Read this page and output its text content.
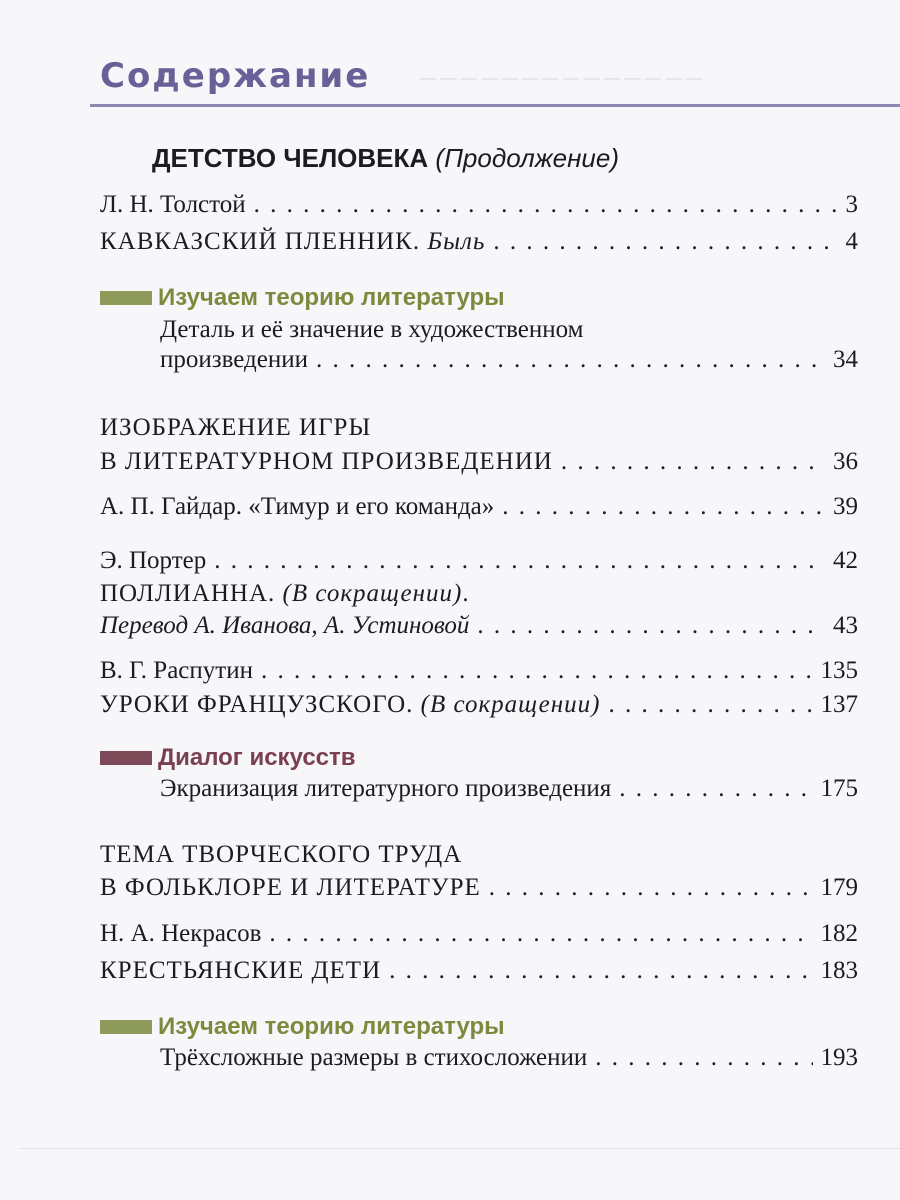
— — — — — — — — — — — — — —
Содержание
ДЕТСТВО ЧЕЛОВЕКА (Продолжение)
Л. Н. Толстой . . .	3
КАВКАЗСКИЙ ПЛЕННИК. Быль . . .	4
Изучаем теорию литературы
Деталь и её значение в художественном
произведении . . .	34
ИЗОБРАЖЕНИЕ ИГРЫ
В ЛИТЕРАТУРНОМ ПРОИЗВЕДЕНИИ . . .	36
А. П. Гайдар. «Тимур и его команда» . . .	39
Э. Портер . . .	42
ПОЛЛИАННА. (В сокращении).
Перевод А. Иванова, А. Устиновой . . .	43
В. Г. Распутин . . .	135
УРОКИ ФРАНЦУЗСКОГО. (В сокращении) . . .	137
Диалог искусств
Экранизация литературного произведения . . .	175
ТЕМА ТВОРЧЕСКОГО ТРУДА
В ФОЛЬКЛОРЕ И ЛИТЕРАТУРЕ . . .	179
Н. А. Некрасов . . .	182
КРЕСТЬЯНСКИЕ ДЕТИ . . .	183
Изучаем теорию литературы
Трёхсложные размеры в стихосложении . . .	193
